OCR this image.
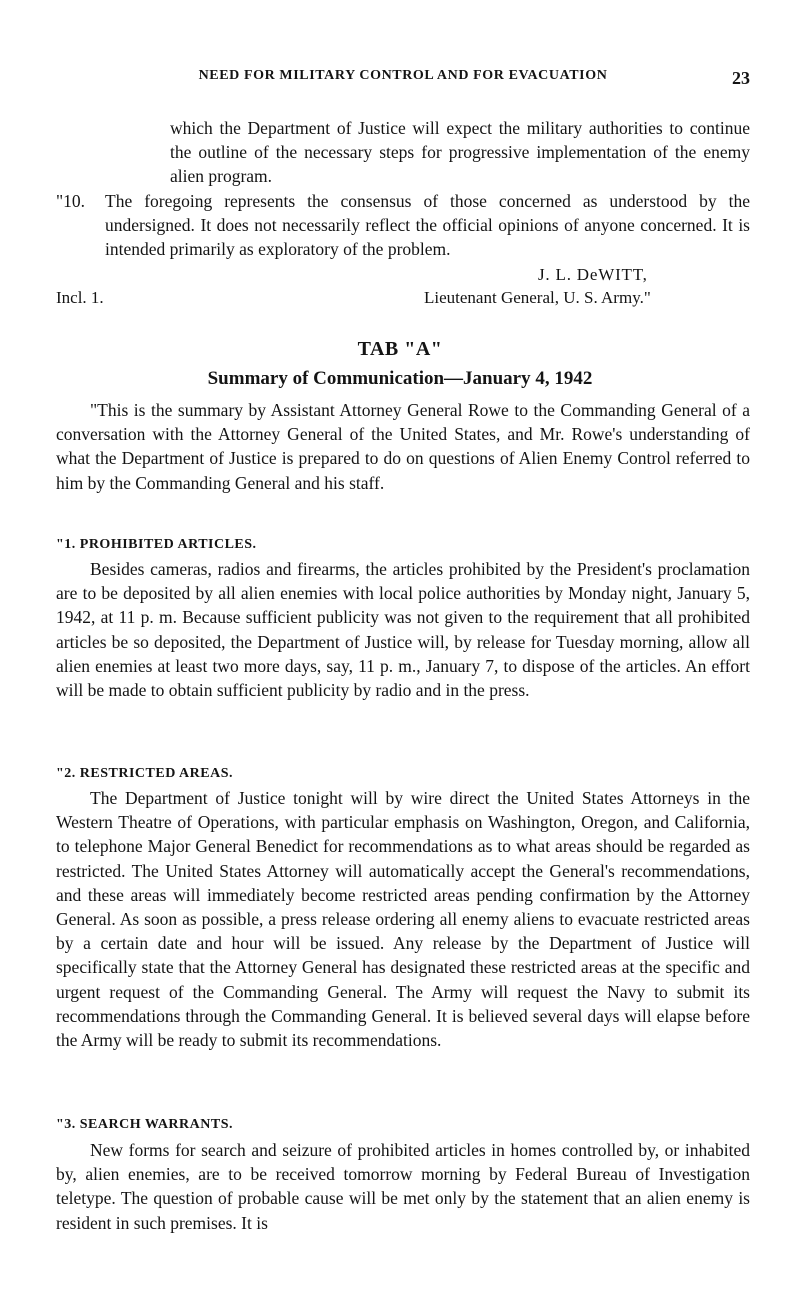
NEED FOR MILITARY CONTROL AND FOR EVACUATION	23

which the Department of Justice will expect the military authorities to continue the outline of the necessary steps for progressive implementation of the enemy alien program.

"10. The foregoing represents the consensus of those concerned as understood by the undersigned. It does not necessarily reflect the official opinions of anyone concerned. It is intended primarily as exploratory of the problem.
J. L. DeWITT,
Incl. 1.	Lieutenant General, U. S. Army."
TAB "A"
Summary of Communication—January 4, 1942

"This is the summary by Assistant Attorney General Rowe to the Commanding General of a conversation with the Attorney General of the United States, and Mr. Rowe's understanding of what the Department of Justice is prepared to do on questions of Alien Enemy Control referred to him by the Commanding General and his staff.

"1. PROHIBITED ARTICLES.

Besides cameras, radios and firearms, the articles prohibited by the President's proclamation are to be deposited by all alien enemies with local police authorities by Monday night, January 5, 1942, at 11 p. m. Because sufficient publicity was not given to the requirement that all prohibited articles be so deposited, the Department of Justice will, by release for Tuesday morning, allow all alien enemies at least two more days, say, 11 p. m., January 7, to dispose of the articles. An effort will be made to obtain sufficient publicity by radio and in the press.

"2. RESTRICTED AREAS.

The Department of Justice tonight will by wire direct the United States Attorneys in the Western Theatre of Operations, with particular emphasis on Washington, Oregon, and California, to telephone Major General Benedict for recommendations as to what areas should be regarded as restricted. The United States Attorney will automatically accept the General's recommendations, and these areas will immediately become restricted areas pending confirmation by the Attorney General. As soon as possible, a press release ordering all enemy aliens to evacuate restricted areas by a certain date and hour will be issued. Any release by the Department of Justice will specifically state that the Attorney General has designated these restricted areas at the specific and urgent request of the Commanding General. The Army will request the Navy to submit its recommendations through the Commanding General. It is believed several days will elapse before the Army will be ready to submit its recommendations.

"3. SEARCH WARRANTS.

New forms for search and seizure of prohibited articles in homes controlled by, or inhabited by, alien enemies, are to be received tomorrow morning by Federal Bureau of Investigation teletype. The question of probable cause will be met only by the statement that an alien enemy is resident in such premises. It is
